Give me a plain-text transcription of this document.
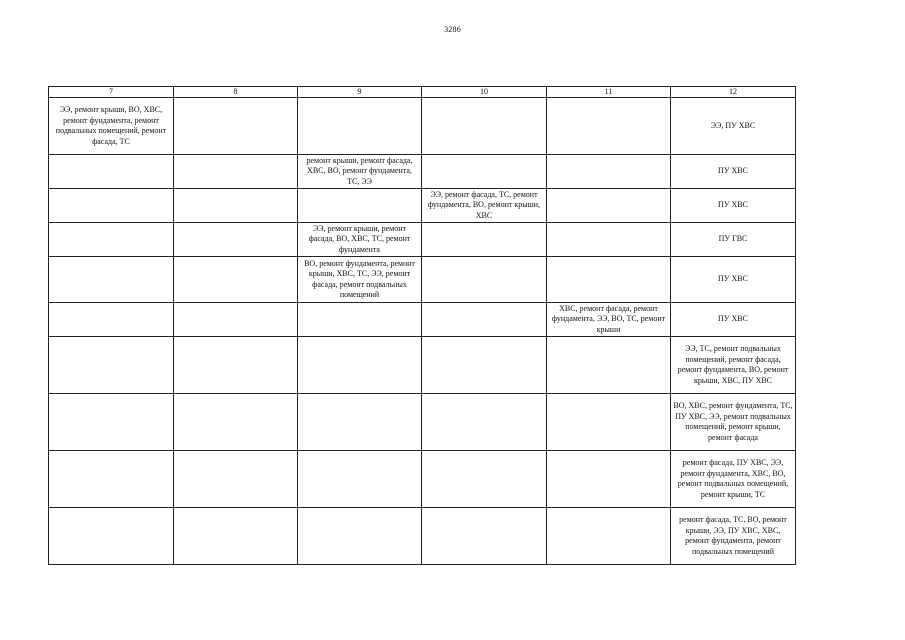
3286
7	8	9	10	11	12
ЭЭ, ремонт крыши, ВО, ХВС, ремонт фундамента, ремонт подвальных помещений, ремонт фасада, ТС					ЭЭ, ПУ ХВС
		ремонт крыши, ремонт фасада, ХВС, ВО, ремонт фундамента, ТС, ЭЭ			ПУ ХВС
			ЭЭ, ремонт фасада, ТС, ремонт фундамента, ВО, ремонт крыши, ХВС		ПУ ХВС
		ЭЭ, ремонт крыши, ремонт фасада, ВО, ХВС, ТС, ремонт фундамента			ПУ ГВС
		ВО, ремонт фундамента, ремонт крыши, ХВС, ТС, ЭЭ, ремонт фасада, ремонт подвальных помещений			ПУ ХВС
				ХВС, ремонт фасада, ремонт фундамента, ЭЭ, ВО, ТС, ремонт крыши	ПУ ХВС
					ЭЭ, ТС, ремонт подвальных помещений, ремонт фасада, ремонт фундамента, ВО, ремонт крыши, ХВС, ПУ ХВС
					ВО, ХВС, ремонт фундамента, ТС, ПУ ХВС, ЭЭ, ремонт подвальных помещений, ремонт крыши, ремонт фасада
					ремонт фасада, ПУ ХВС, ЭЭ, ремонт фундамента, ХВС, ВО, ремонт подвальных помещений, ремонт крыши, ТС
					ремонт фасада, ТС, ВО, ремонт крыши, ЭЭ, ПУ ХВС, ХВС, ремонт фундамента, ремонт подвальных помещений
